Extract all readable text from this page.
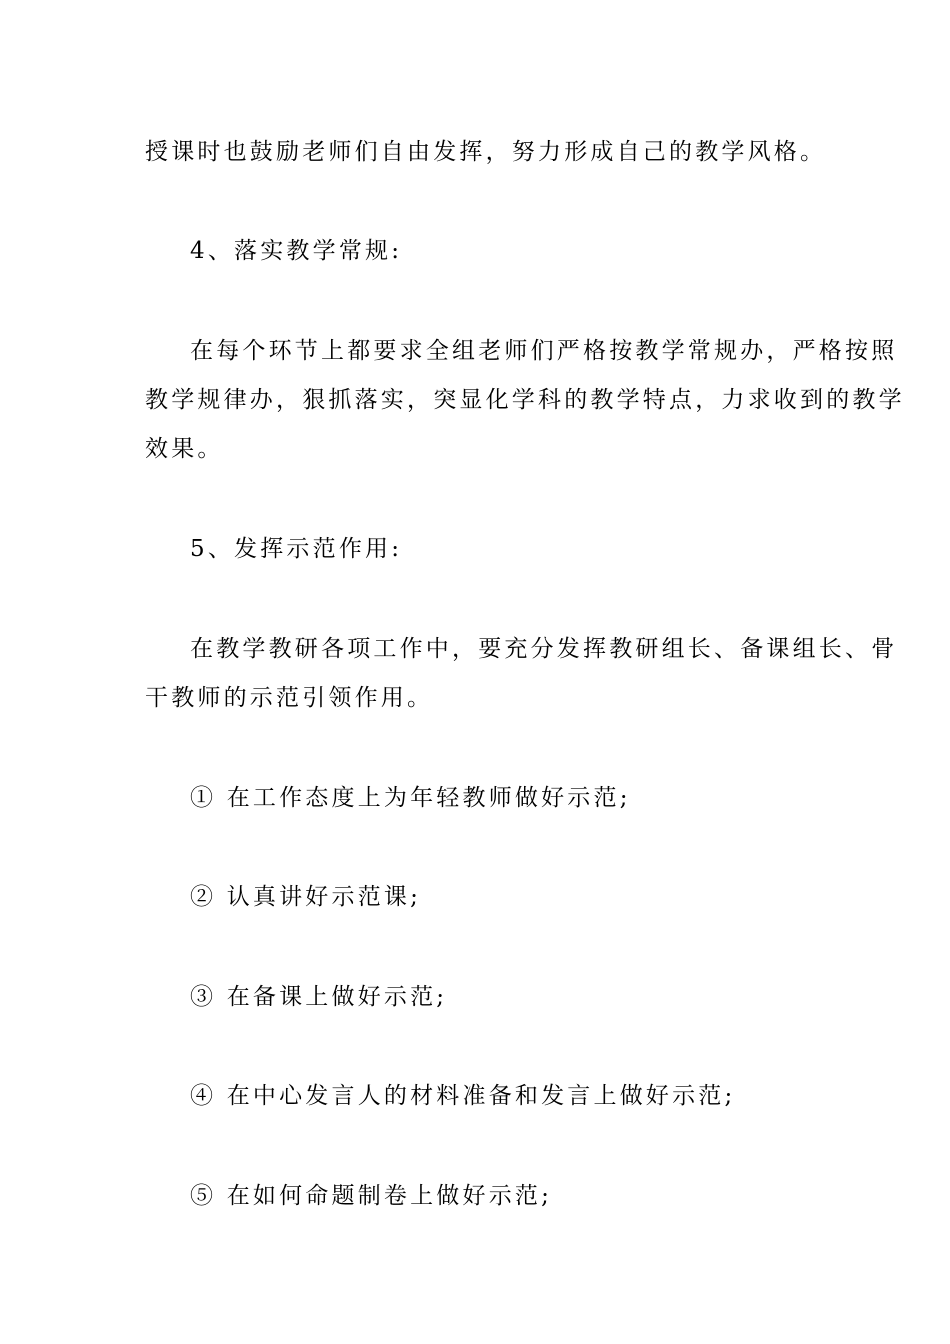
授课时也鼓励老师们自由发挥，努力形成自己的教学风格。
4、落实教学常规:
在每个环节上都要求全组老师们严格按教学常规办，严格按照
教学规律办，狠抓落实，突显化学科的教学特点，力求收到的教学
效果。
5、发挥示范作用:
在教学教研各项工作中，要充分发挥教研组长、备课组长、骨
干教师的示范引领作用。
① 在工作态度上为年轻教师做好示范;
② 认真讲好示范课;
③ 在备课上做好示范;
④ 在中心发言人的材料准备和发言上做好示范;
⑤ 在如何命题制卷上做好示范;
